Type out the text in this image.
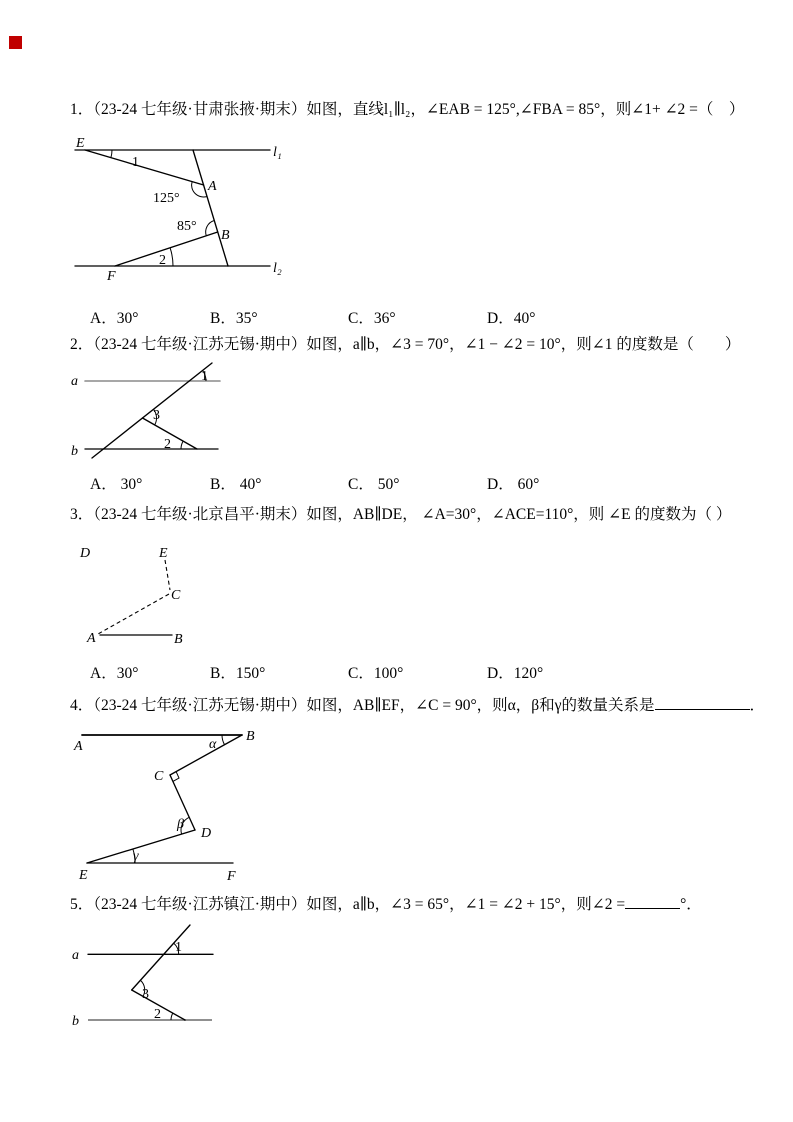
1．（23-24 七年级·甘肃张掖·期末）如图，直线l₁∥l₂，∠EAB = 125°,∠FBA = 85°，则∠1+ ∠2 =（　）
E
l₁
1
A
125°
85°
B
2
F
l₂
A．30°	B．35°	C．36°	D．40°
2．（23-24 七年级·江苏无锡·期中）如图，a∥b，∠3 = 70°，∠1 − ∠2 = 10°，则∠1 的度数是（　　）
a
b
1
3
2
A． 30°	B． 40°	C． 50°	D． 60°
3．（23-24 七年级·北京昌平·期末）如图，AB∥DE， ∠A=30°，∠ACE=110°，则 ∠E 的度数为（ ）
D	E
C
A	B
A．30°	B．150°	C．100°	D．120°
4．（23-24 七年级·江苏无锡·期中）如图，AB∥EF，∠C = 90°，则α，β和γ的数量关系是	．
A
B
α
C
β
D
γ
E	F
5．（23-24 七年级·江苏镇江·期中）如图，a∥b，∠3 = 65°，∠1 = ∠2 + 15°，则∠2 =	°．
a
b
1
3
2
